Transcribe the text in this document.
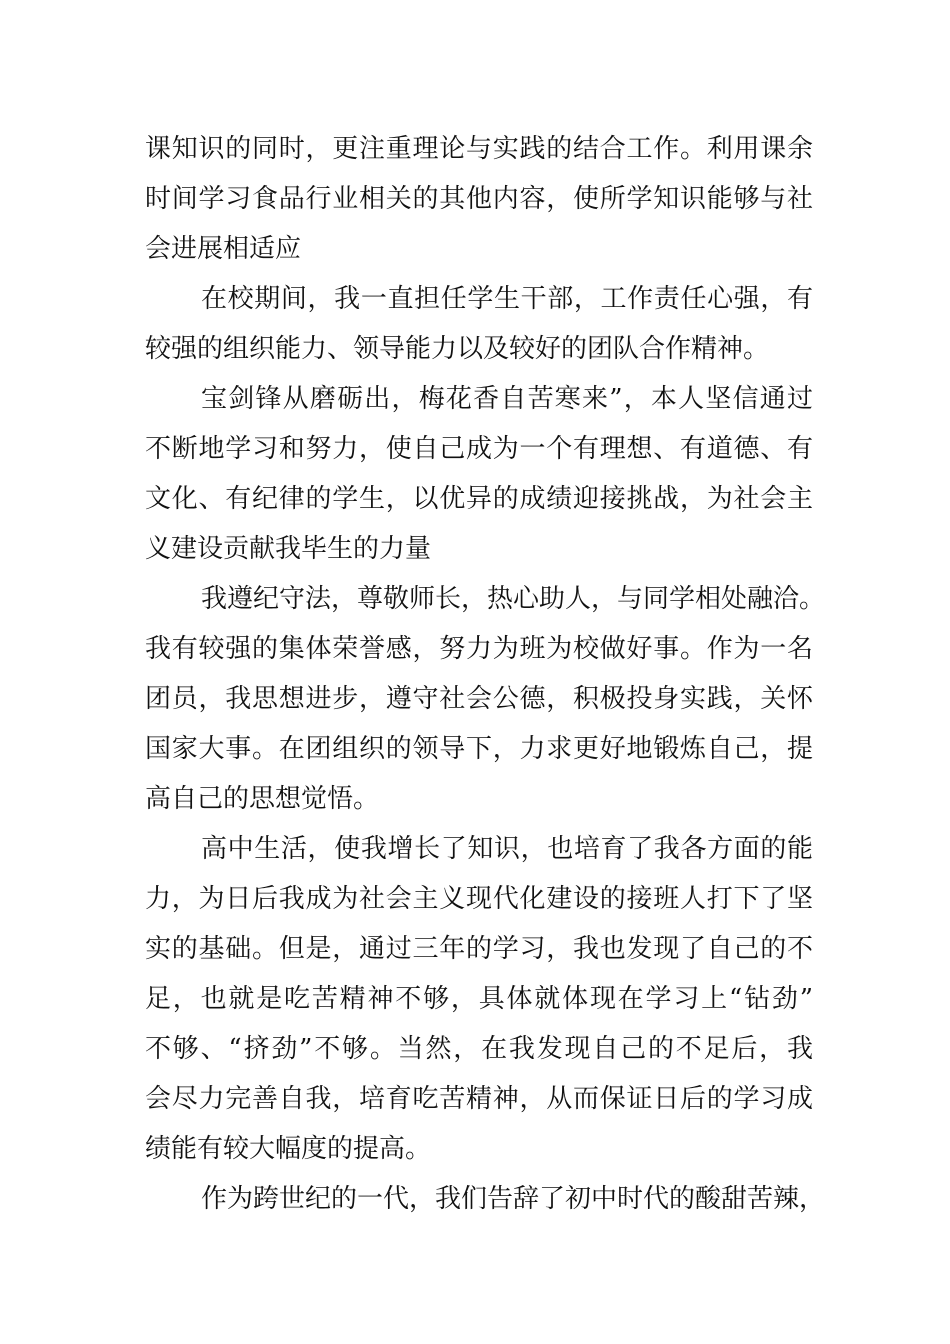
课知识的同时，更注重理论与实践的结合工作。利用课余
时间学习食品行业相关的其他内容，使所学知识能够与社
会进展相适应
在校期间，我一直担任学生干部，工作责任心强，有
较强的组织能力、领导能力以及较好的团队合作精神。
宝剑锋从磨砺出，梅花香自苦寒来”，本人坚信通过
不断地学习和努力，使自己成为一个有理想、有道德、有
文化、有纪律的学生，以优异的成绩迎接挑战，为社会主
义建设贡献我毕生的力量
我遵纪守法，尊敬师长，热心助人，与同学相处融洽。
我有较强的集体荣誉感，努力为班为校做好事。作为一名
团员，我思想进步，遵守社会公德，积极投身实践，关怀
国家大事。在团组织的领导下，力求更好地锻炼自己，提
高自己的思想觉悟。
高中生活，使我增长了知识，也培育了我各方面的能
力，为日后我成为社会主义现代化建设的接班人打下了坚
实的基础。但是，通过三年的学习，我也发现了自己的不
足，也就是吃苦精神不够，具体就体现在学习上“钻劲”
不够、“挤劲”不够。当然，在我发现自己的不足后，我
会尽力完善自我，培育吃苦精神，从而保证日后的学习成
绩能有较大幅度的提高。
作为跨世纪的一代，我们告辞了初中时代的酸甜苦辣，
